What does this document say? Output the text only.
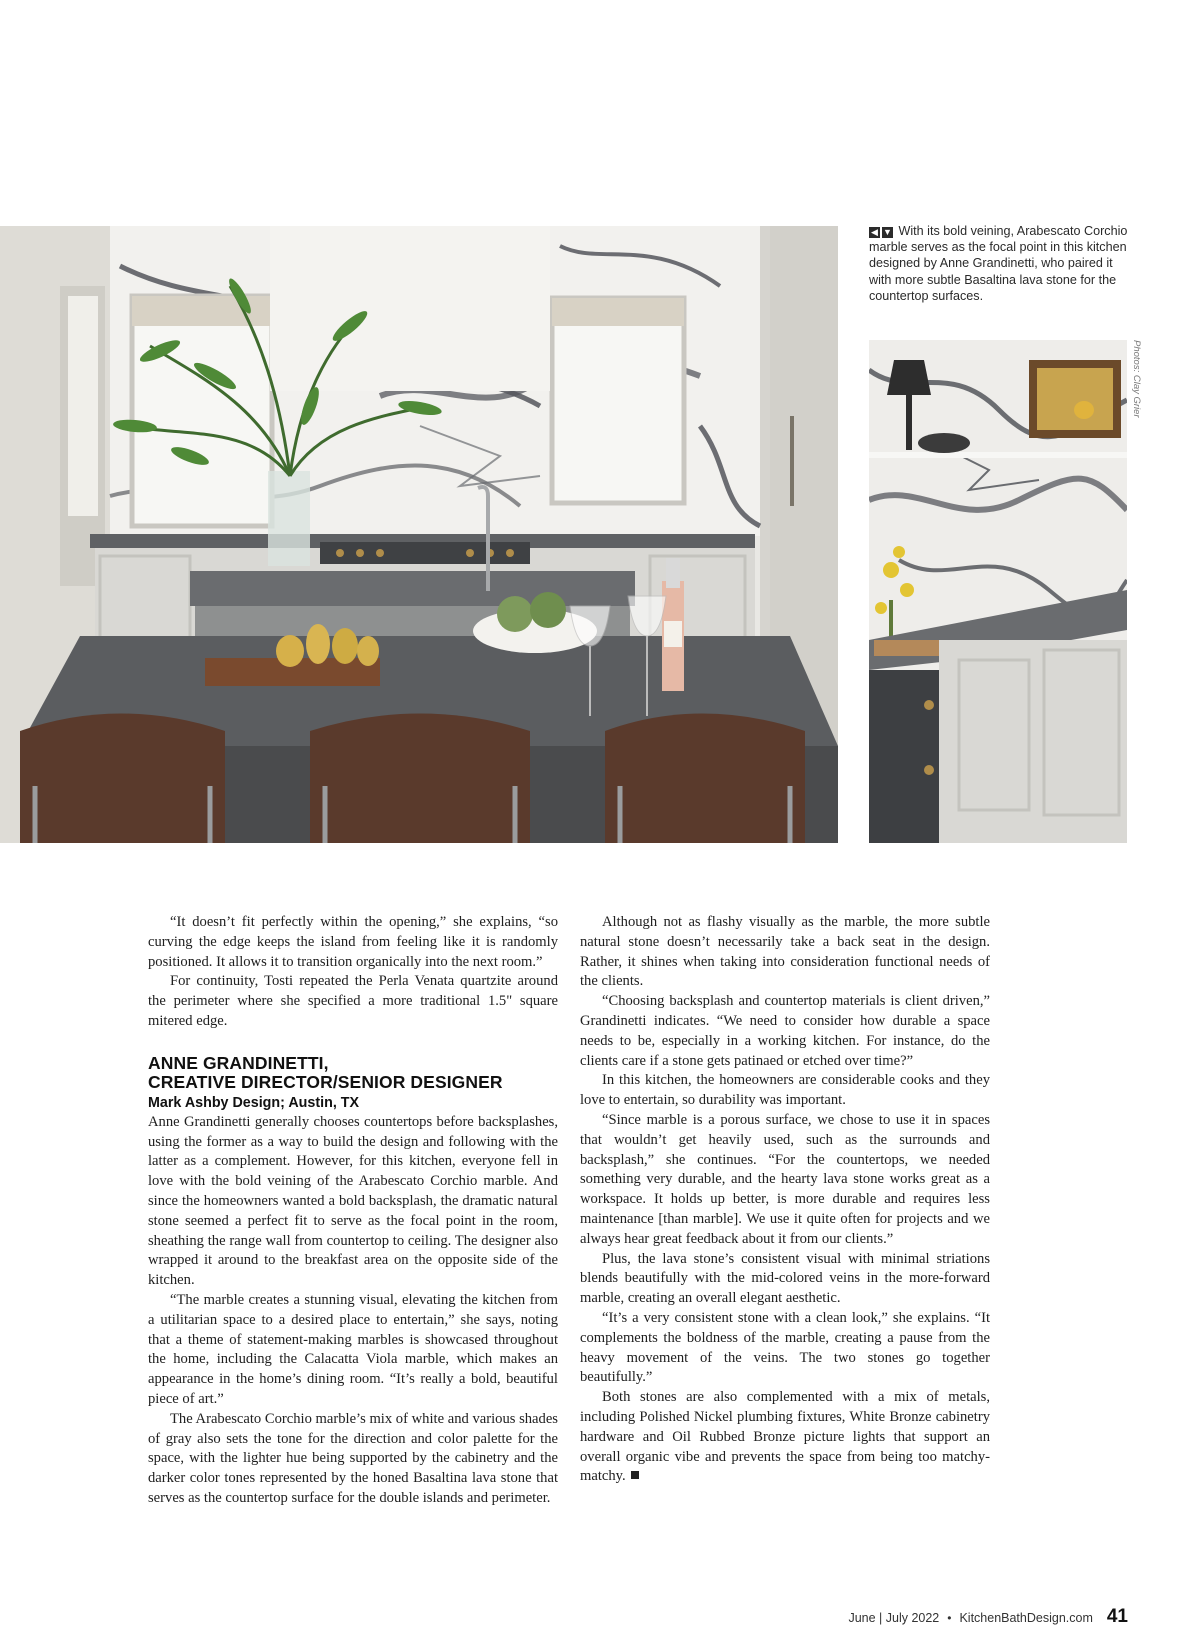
◀ ▼ With its bold veining, Arabescato Corchio marble serves as the focal point in this kitchen designed by Anne Grandinetti, who paired it with more subtle Basaltina lava stone for the countertop surfaces.
Photos: Clay Grier

“It doesn’t fit perfectly within the opening,” she explains, “so curving the edge keeps the island from feeling like it is randomly positioned. It allows it to transition organically into the next room.”

For continuity, Tosti repeated the Perla Venata quartzite around the perimeter where she specified a more traditional 1.5" square mitered edge.

ANNE GRANDINETTI,
CREATIVE DIRECTOR/SENIOR DESIGNER
Mark Ashby Design; Austin, TX

Anne Grandinetti generally chooses countertops before backsplashes, using the former as a way to build the design and following with the latter as a complement. However, for this kitchen, everyone fell in love with the bold veining of the Arabescato Corchio marble. And since the homeowners wanted a bold backsplash, the dramatic natural stone seemed a perfect fit to serve as the focal point in the room, sheathing the range wall from countertop to ceiling. The designer also wrapped it around to the breakfast area on the opposite side of the kitchen.

“The marble creates a stunning visual, elevating the kitchen from a utilitarian space to a desired place to entertain,” she says, noting that a theme of statement-making marbles is showcased throughout the home, including the Calacatta Viola marble, which makes an appearance in the home’s dining room. “It’s really a bold, beautiful piece of art.”

The Arabescato Corchio marble’s mix of white and various shades of gray also sets the tone for the direction and color palette for the space, with the lighter hue being supported by the cabinetry and the darker color tones represented by the honed Basaltina lava stone that serves as the countertop surface for the double islands and perimeter.

Although not as flashy visually as the marble, the more subtle natural stone doesn’t necessarily take a back seat in the design. Rather, it shines when taking into consideration functional needs of the clients.

“Choosing backsplash and countertop materials is client driven,” Grandinetti indicates. “We need to consider how durable a space needs to be, especially in a working kitchen. For instance, do the clients care if a stone gets patinaed or etched over time?”

In this kitchen, the homeowners are considerable cooks and they love to entertain, so durability was important.

“Since marble is a porous surface, we chose to use it in spaces that wouldn’t get heavily used, such as the surrounds and backsplash,” she continues. “For the countertops, we needed something very durable, and the hearty lava stone works great as a workspace. It holds up better, is more durable and requires less maintenance [than marble]. We use it quite often for projects and we always hear great feedback about it from our clients.”

Plus, the lava stone’s consistent visual with minimal striations blends beautifully with the mid-colored veins in the more-forward marble, creating an overall elegant aesthetic.

“It’s a very consistent stone with a clean look,” she explains. “It complements the boldness of the marble, creating a pause from the heavy movement of the veins. The two stones go together beautifully.”

Both stones are also complemented with a mix of metals, including Polished Nickel plumbing fixtures, White Bronze cabinetry hardware and Oil Rubbed Bronze picture lights that support an overall organic vibe and prevents the space from being too matchy-matchy.

June | July 2022 • KitchenBathDesign.com 41
